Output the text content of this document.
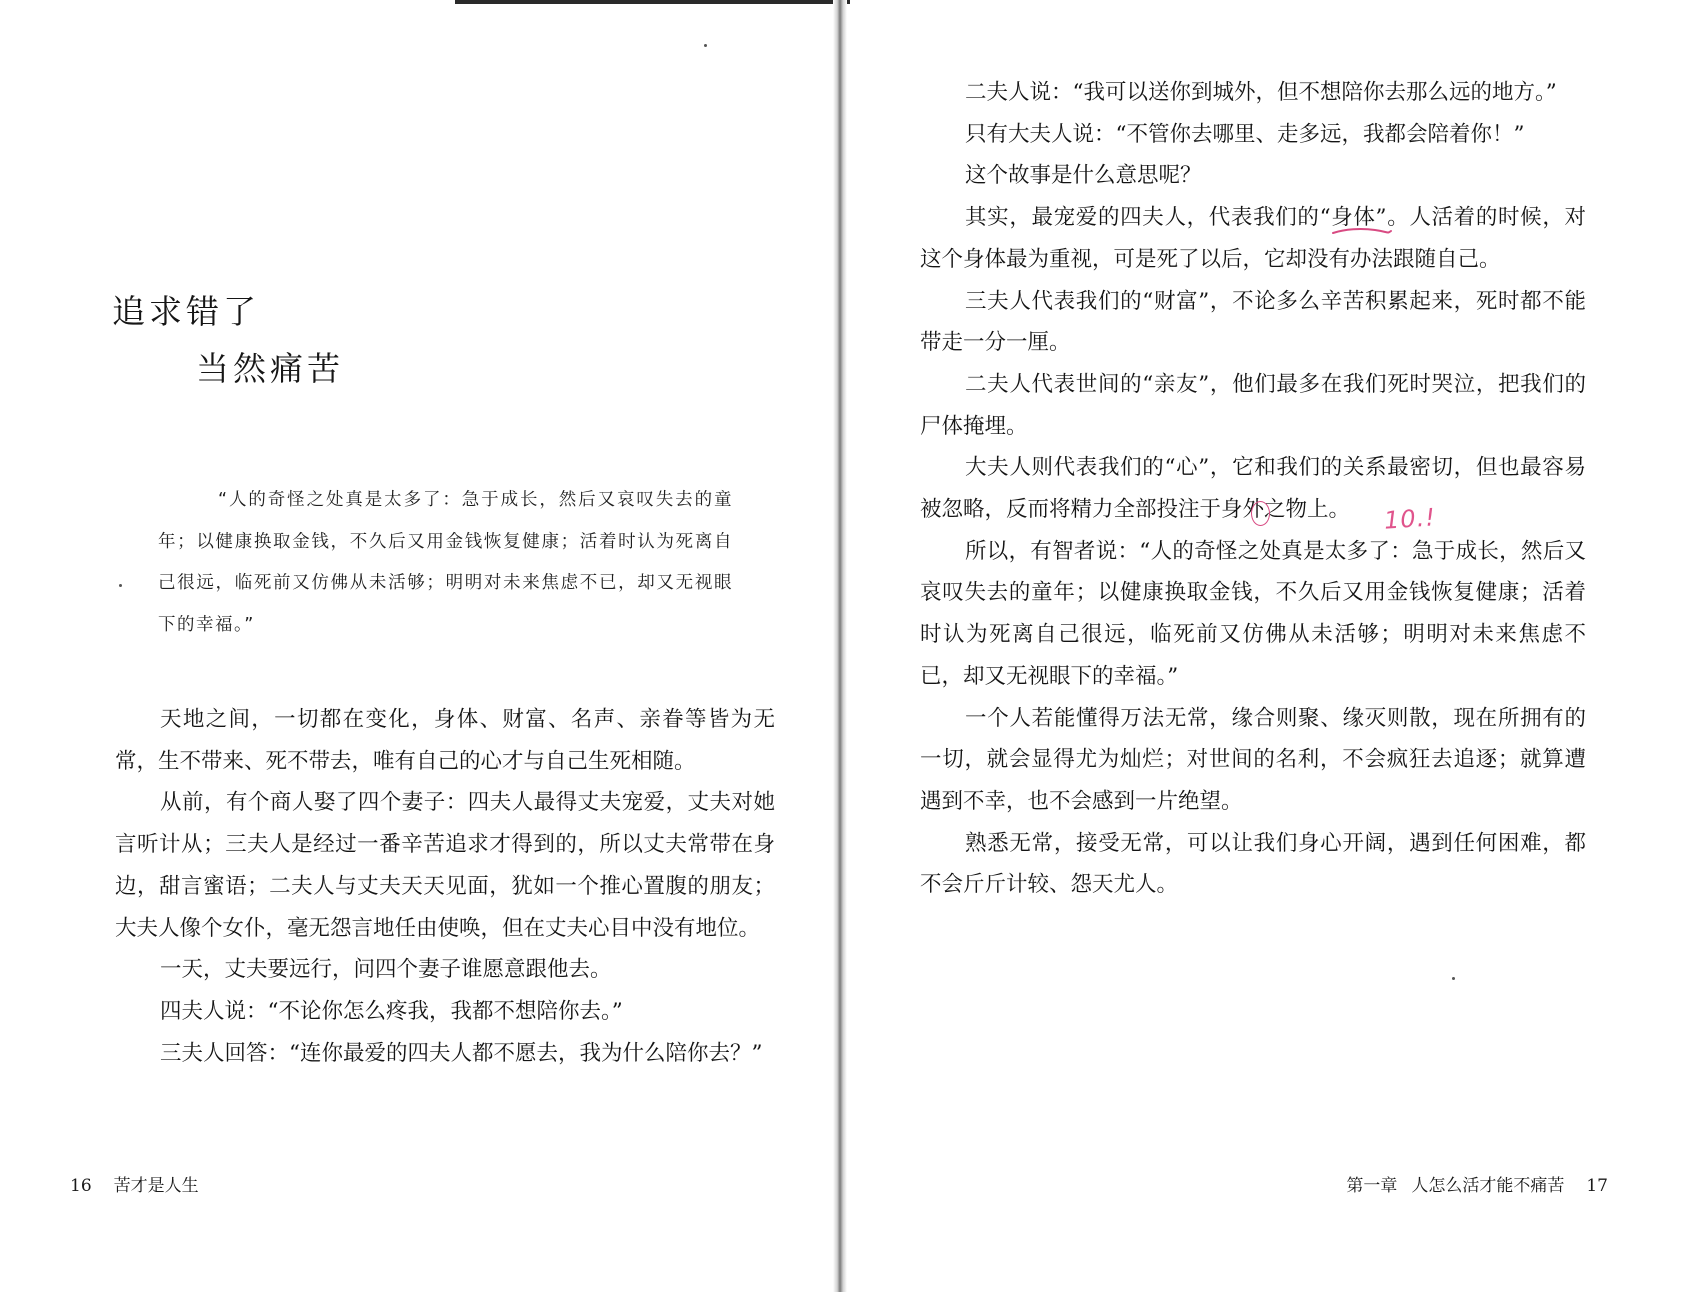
追求错了
当然痛苦

“人的奇怪之处真是太多了：急于成长，然后又哀叹失去的童年；以健康换取金钱，不久后又用金钱恢复健康；活着时认为死离自己很远，临死前又仿佛从未活够；明明对未来焦虑不已，却又无视眼下的幸福。”

天地之间，一切都在变化，身体、财富、名声、亲眷等皆为无常，生不带来、死不带去，唯有自己的心才与自己生死相随。

从前，有个商人娶了四个妻子：四夫人最得丈夫宠爱，丈夫对她言听计从；三夫人是经过一番辛苦追求才得到的，所以丈夫常带在身边，甜言蜜语；二夫人与丈夫天天见面，犹如一个推心置腹的朋友；大夫人像个女仆，毫无怨言地任由使唤，但在丈夫心目中没有地位。

一天，丈夫要远行，问四个妻子谁愿意跟他去。

四夫人说：“不论你怎么疼我，我都不想陪你去。”

三夫人回答：“连你最爱的四夫人都不愿去，我为什么陪你去？”

16 苦才是人生

二夫人说：“我可以送你到城外，但不想陪你去那么远的地方。”

只有大夫人说：“不管你去哪里、走多远，我都会陪着你！”

这个故事是什么意思呢？

其实，最宠爱的四夫人，代表我们的“身体”。人活着的时候，对这个身体最为重视，可是死了以后，它却没有办法跟随自己。

三夫人代表我们的“财富”，不论多么辛苦积累起来，死时都不能带走一分一厘。

二夫人代表世间的“亲友”，他们最多在我们死时哭泣，把我们的尸体掩埋。

大夫人则代表我们的“心”，它和我们的关系最密切，但也最容易被忽略，反而将精力全部投注于身外之物上。

所以，有智者说：“人的奇怪之处真是太多了：急于成长，然后又哀叹失去的童年；以健康换取金钱，不久后又用金钱恢复健康；活着时认为死离自己很远，临死前又仿佛从未活够；明明对未来焦虑不已，却又无视眼下的幸福。”

一个人若能懂得万法无常，缘合则聚、缘灭则散，现在所拥有的一切，就会显得尤为灿烂；对世间的名利，不会疯狂去追逐；就算遭遇到不幸，也不会感到一片绝望。

熟悉无常，接受无常，可以让我们身心开阔，遇到任何困难，都不会斤斤计较、怨天尤人。

10.!
第一章 人怎么活才能不痛苦 17
